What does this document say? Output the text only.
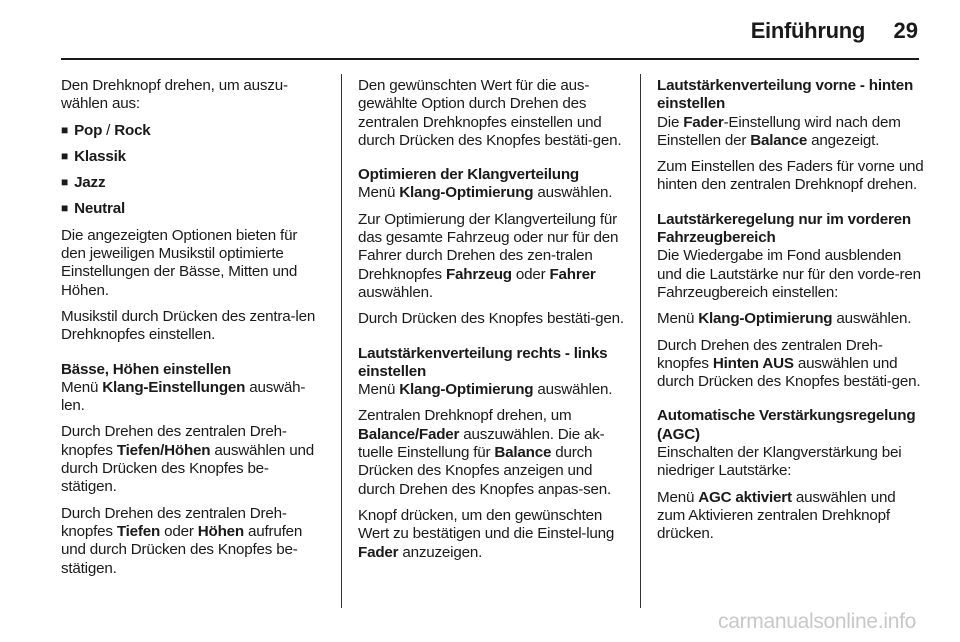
Einführung 29

Den Drehknopf drehen, um auszu-
wählen aus:

■ Pop / Rock

■ Klassik

■ Jazz

■ Neutral

Die angezeigten Optionen bieten für den jeweiligen Musikstil optimierte Einstellungen der Bässe, Mitten und Höhen.

Musikstil durch Drücken des zentra-len Drehknopfes einstellen.

Bässe, Höhen einstellen

Menü Klang-Einstellungen auswäh-len.

Durch Drehen des zentralen Dreh-knopfes Tiefen/Höhen auswählen und durch Drücken des Knopfes be-stätigen.

Durch Drehen des zentralen Dreh-knopfes Tiefen oder Höhen aufrufen und durch Drücken des Knopfes be-stätigen.

Den gewünschten Wert für die aus-gewählte Option durch Drehen des zentralen Drehknopfes einstellen und durch Drücken des Knopfes bestäti-gen.

Optimieren der Klangverteilung

Menü Klang-Optimierung auswählen.

Zur Optimierung der Klangverteilung für das gesamte Fahrzeug oder nur für den Fahrer durch Drehen des zen-tralen Drehknopfes Fahrzeug oder Fahrer auswählen.

Durch Drücken des Knopfes bestäti-gen.

Lautstärkenverteilung rechts - links einstellen

Menü Klang-Optimierung auswählen.

Zentralen Drehknopf drehen, um Balance/Fader auszuwählen. Die ak-tuelle Einstellung für Balance durch Drücken des Knopfes anzeigen und durch Drehen des Knopfes anpas-sen.

Knopf drücken, um den gewünschten Wert zu bestätigen und die Einstel-lung Fader anzuzeigen.

Lautstärkenverteilung vorne - hinten einstellen

Die Fader-Einstellung wird nach dem Einstellen der Balance angezeigt.

Zum Einstellen des Faders für vorne und hinten den zentralen Drehknopf drehen.

Lautstärkeregelung nur im vorderen Fahrzeugbereich

Die Wiedergabe im Fond ausblenden und die Lautstärke nur für den vorde-ren Fahrzeugbereich einstellen:

Menü Klang-Optimierung auswählen.

Durch Drehen des zentralen Dreh-knopfes Hinten AUS auswählen und durch Drücken des Knopfes bestäti-gen.

Automatische Verstärkungsregelung (AGC)

Einschalten der Klangverstärkung bei niedriger Lautstärke:

Menü AGC aktiviert auswählen und zum Aktivieren zentralen Drehknopf drücken.

carmanualsonline.info
